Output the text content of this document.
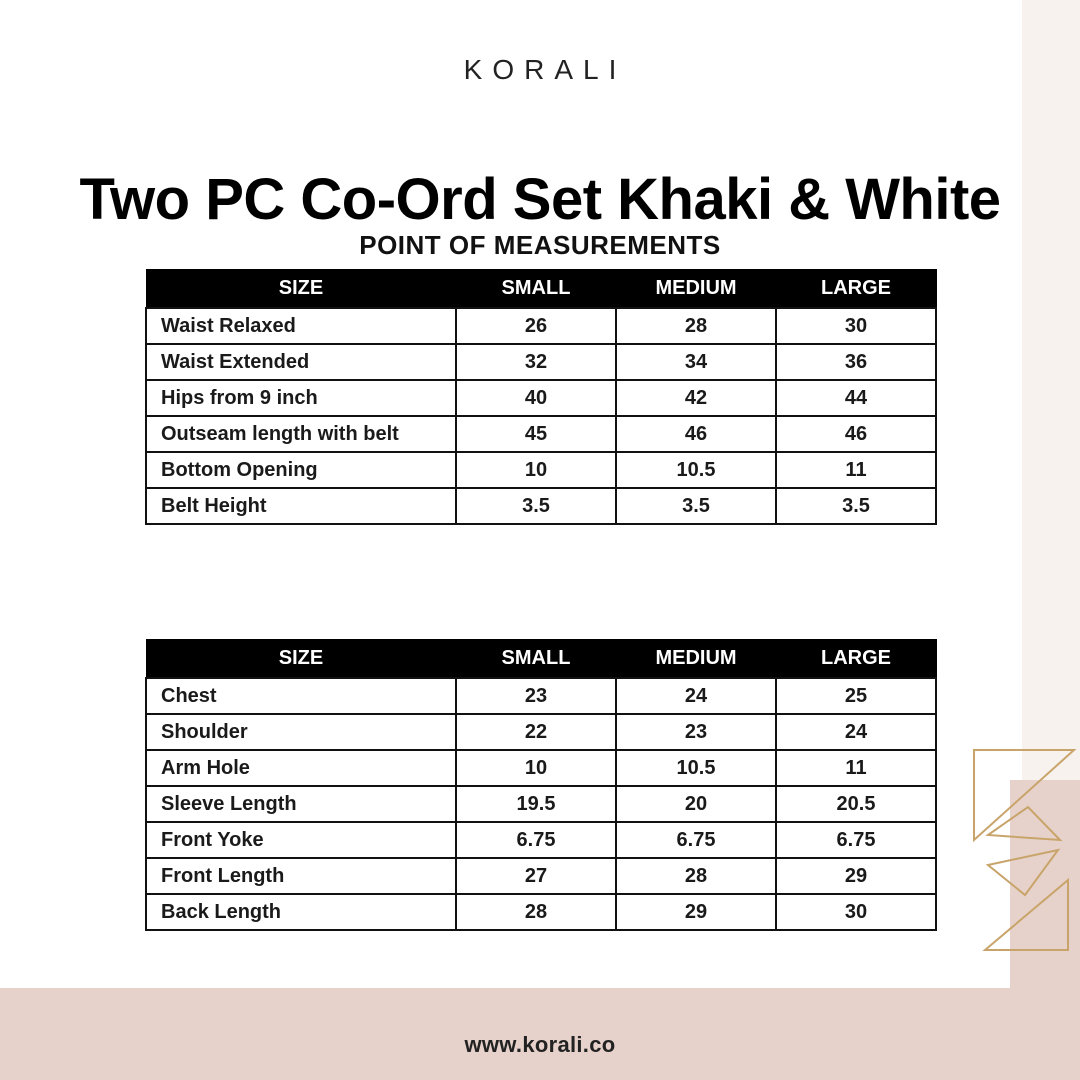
KORALI
Two PC Co-Ord Set Khaki & White
POINT OF MEASUREMENTS
SIZE	SMALL	MEDIUM	LARGE
Waist Relaxed	26	28	30
Waist Extended	32	34	36
Hips from 9 inch	40	42	44
Outseam length with belt	45	46	46
Bottom Opening	10	10.5	11
Belt Height	3.5	3.5	3.5
SIZE	SMALL	MEDIUM	LARGE
Chest	23	24	25
Shoulder	22	23	24
Arm Hole	10	10.5	11
Sleeve Length	19.5	20	20.5
Front Yoke	6.75	6.75	6.75
Front Length	27	28	29
Back Length	28	29	30
www.korali.co
